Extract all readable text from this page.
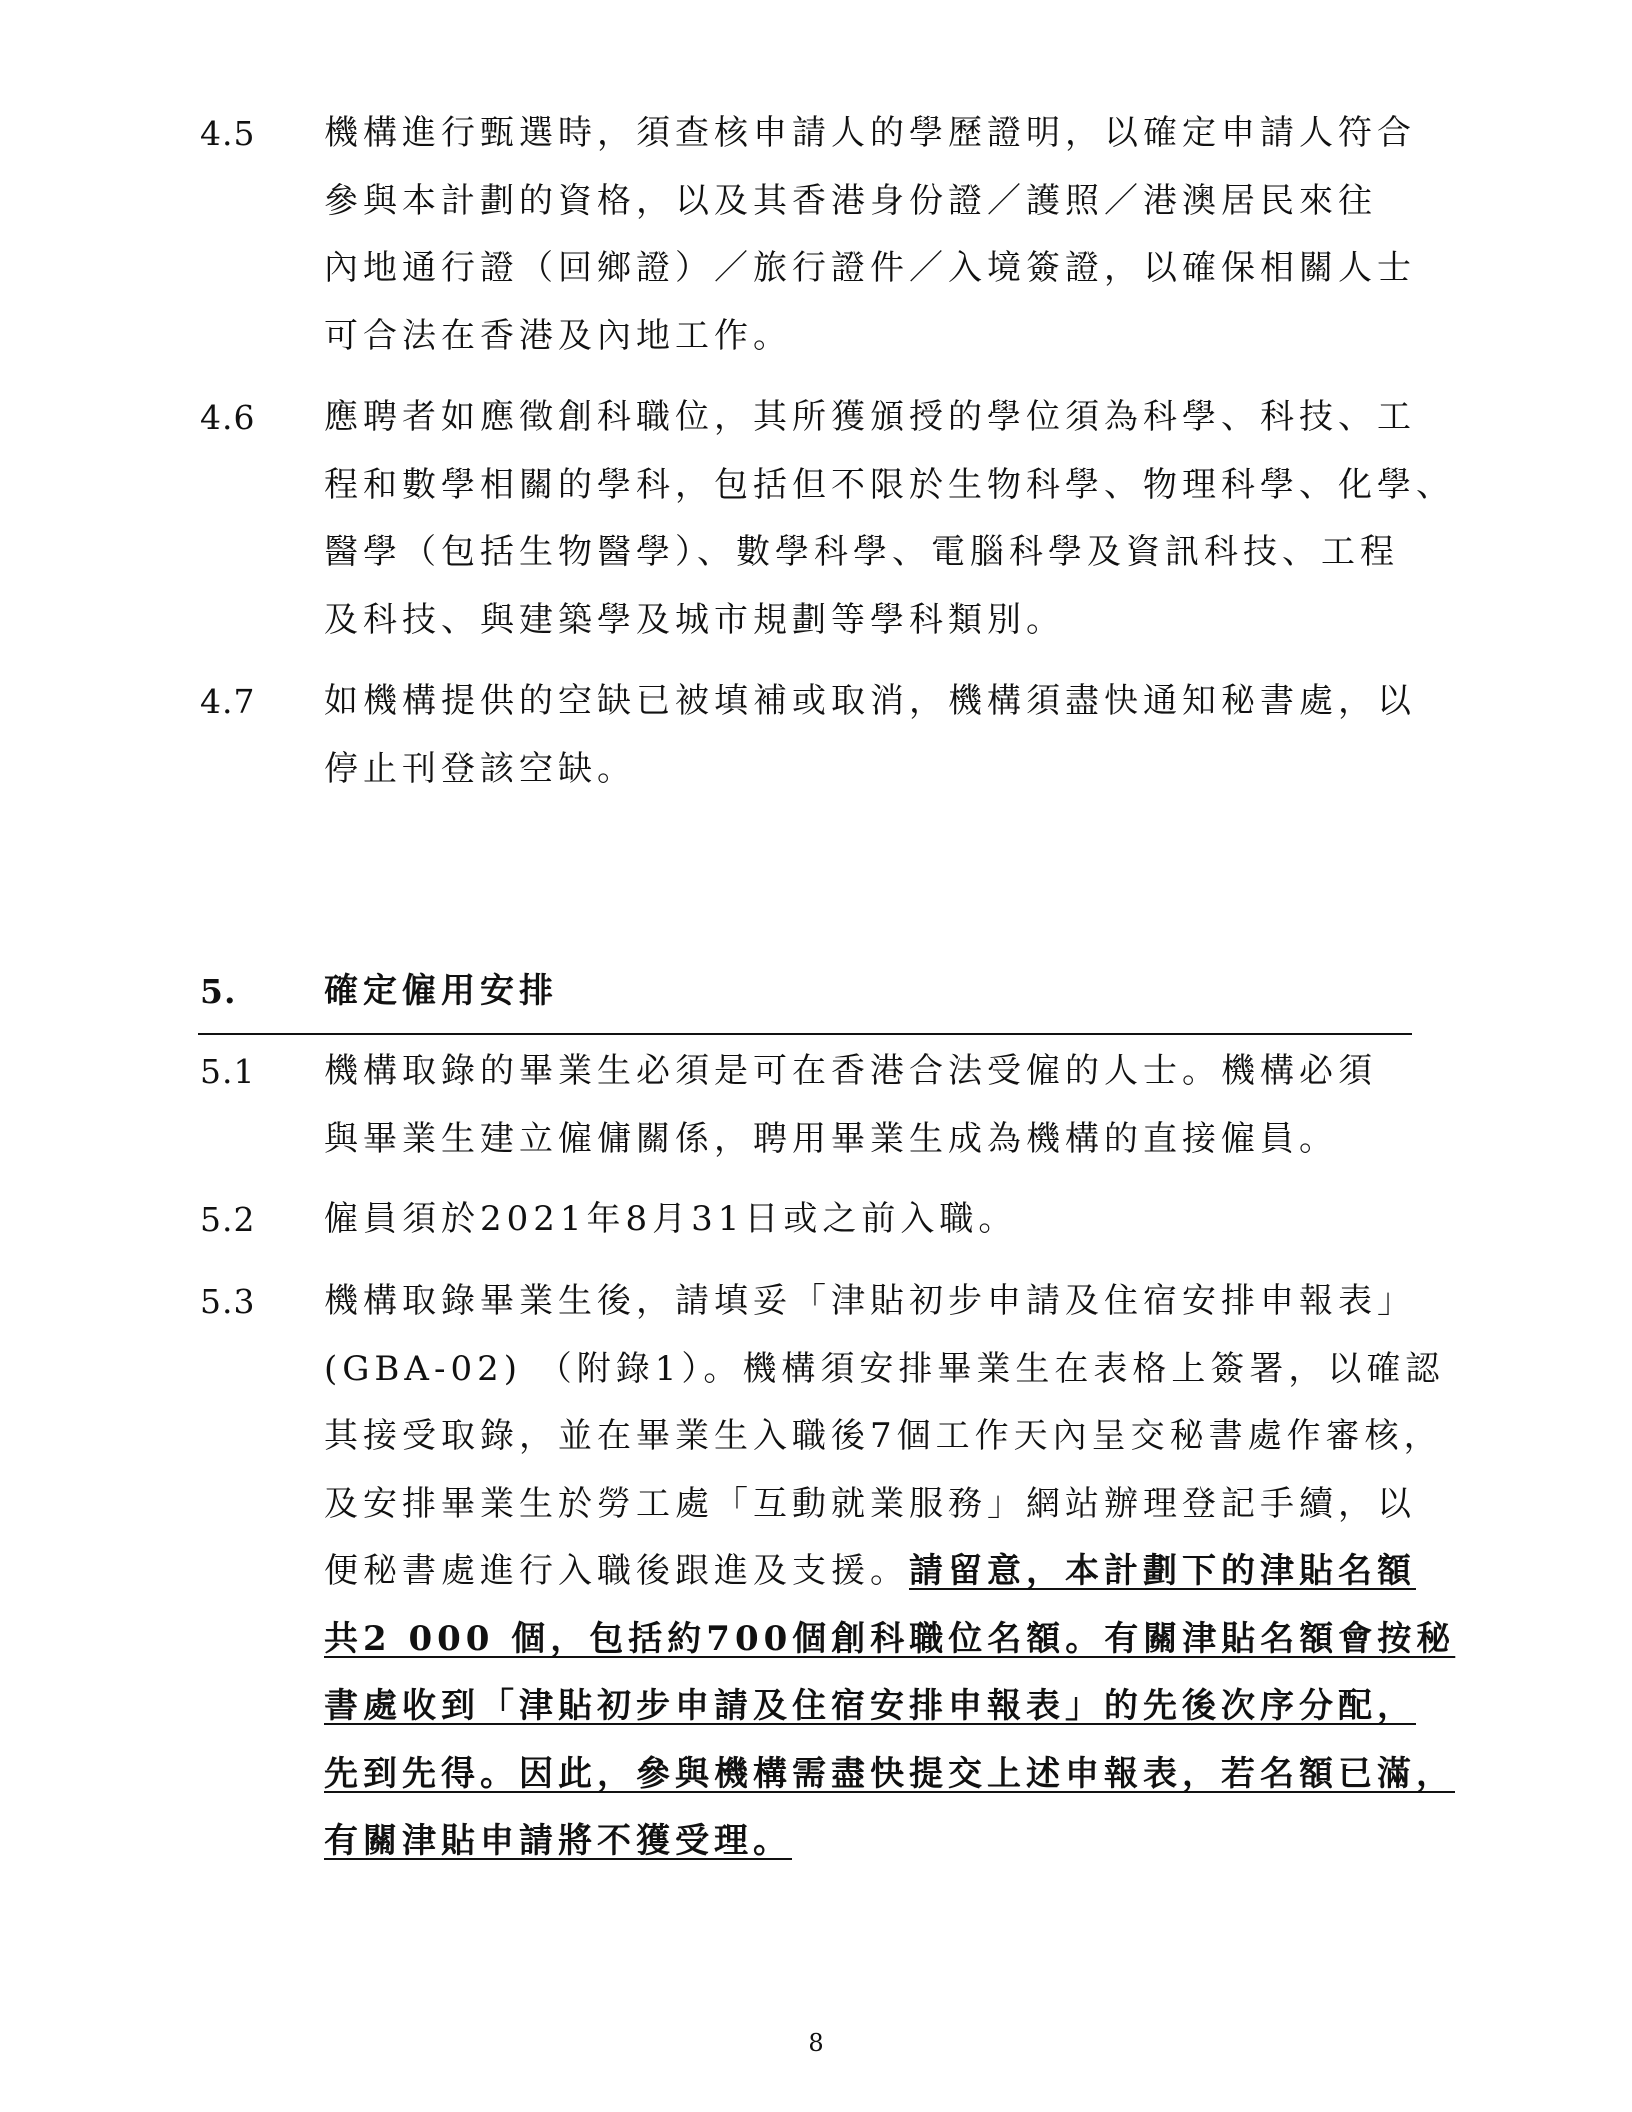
4.5	機構進行甄選時，須查核申請人的學歷證明，以確定申請人符合
參與本計劃的資格，以及其香港身份證／護照／港澳居民來往
內地通行證（回鄉證）／旅行證件／入境簽證，以確保相關人士
可合法在香港及內地工作。
4.6	應聘者如應徵創科職位，其所獲頒授的學位須為科學、科技、工
程和數學相關的學科，包括但不限於生物科學、物理科學、化學、
醫學（包括生物醫學）、數學科學、電腦科學及資訊科技、工程
及科技、與建築學及城市規劃等學科類別。
4.7	如機構提供的空缺已被填補或取消，機構須盡快通知秘書處，以
停止刊登該空缺。
5.	確定僱用安排
5.1	機構取錄的畢業生必須是可在香港合法受僱的人士。機構必須
與畢業生建立僱傭關係，聘用畢業生成為機構的直接僱員。
5.2	僱員須於2021年8月31日或之前入職。
5.3	機構取錄畢業生後，請填妥「津貼初步申請及住宿安排申報表」
(GBA-02) （附錄1）。機構須安排畢業生在表格上簽署，以確認
其接受取錄，並在畢業生入職後7個工作天內呈交秘書處作審核，
及安排畢業生於勞工處「互動就業服務」網站辦理登記手續，以
便秘書處進行入職後跟進及支援。請留意，本計劃下的津貼名額
共2 000 個，包括約700個創科職位名額。有關津貼名額會按秘
書處收到「津貼初步申請及住宿安排申報表」的先後次序分配，
先到先得。因此，參與機構需盡快提交上述申報表，若名額已滿，
有關津貼申請將不獲受理。
8
